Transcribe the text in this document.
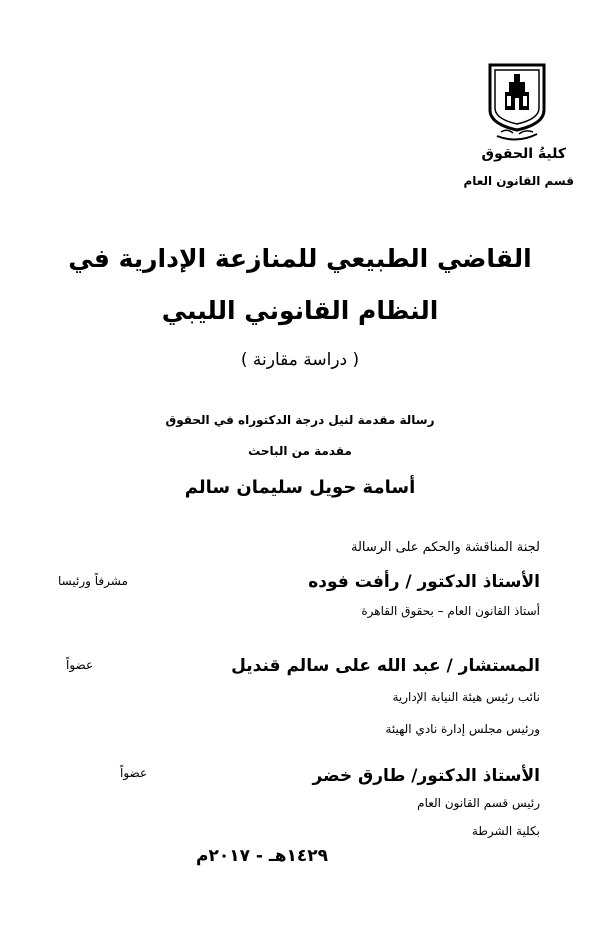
كليةُ الحقوق
قسم القانون العام
القاضي الطبيعي للمنازعة الإدارية في
النظام القانوني الليبي
( دراسة مقارنة )
رسالة مقدمة لنيل درجة الدكتوراه في الحقوق
مقدمة من الباحث
أسامة حويل سليمان سالم
لجنة المناقشة والحكم على الرسالة
الأستاذ الدكتور / رأفت فوده
مشرفاً ورئيسا
أستاذ القانون العام – بحقوق القاهرة
المستشار / عبد الله على سالم قنديل
عضواً
نائب رئيس هيئة النيابة الإدارية
ورئيس مجلس إدارة نادي الهيئة
الأستاذ الدكتور/ طارق خضر
عضواً
رئيس قسم القانون العام
بكلية الشرطة
١٤٢٩هـ - ٢٠١٧م
